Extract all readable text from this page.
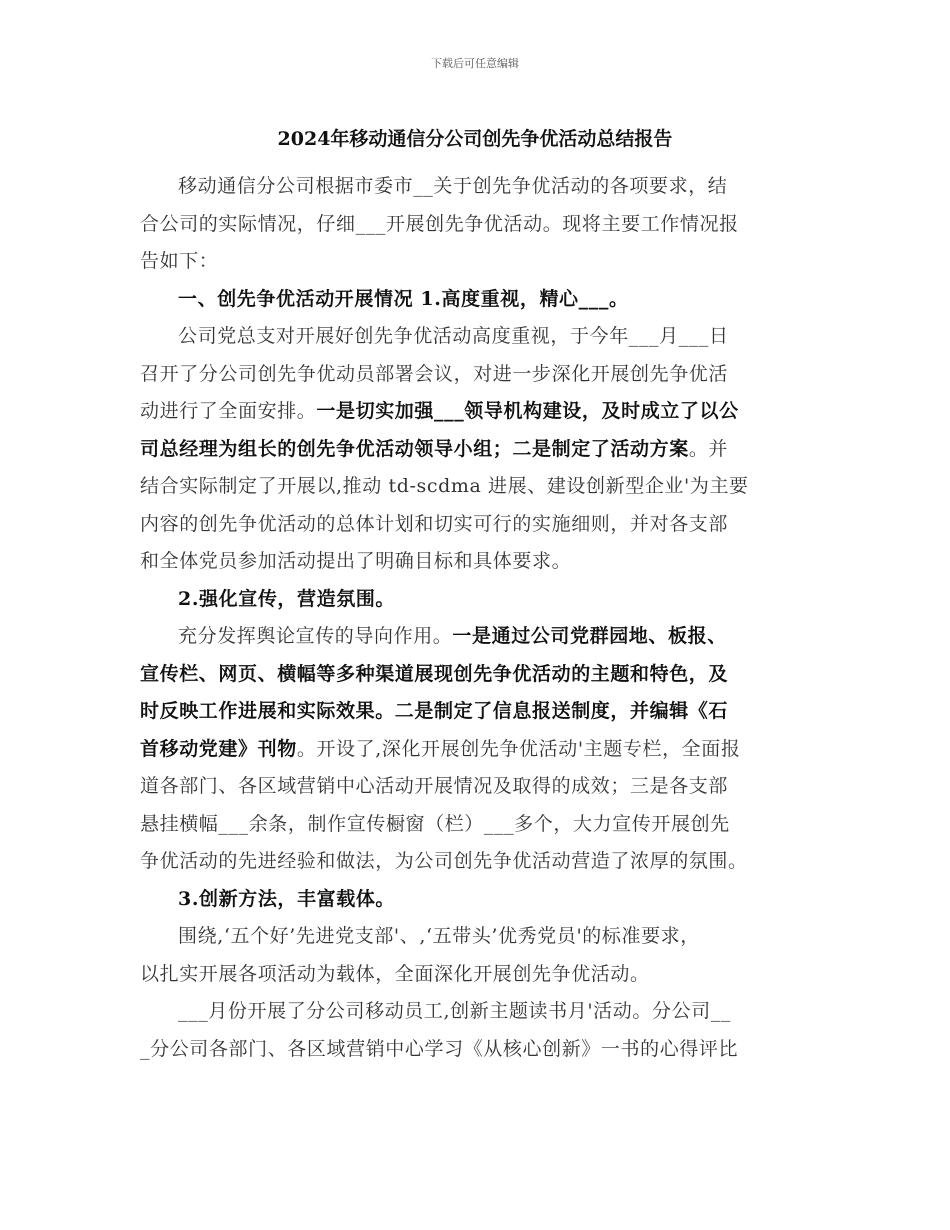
下载后可任意编辑
2024年移动通信分公司创先争优活动总结报告
移动通信分公司根据市委市__关于创先争优活动的各项要求，结
合公司的实际情况，仔细___开展创先争优活动。现将主要工作情况报
告如下：
一、创先争优活动开展情况 1.高度重视，精心___。
公司党总支对开展好创先争优活动高度重视，于今年___月___日
召开了分公司创先争优动员部署会议，对进一步深化开展创先争优活
动进行了全面安排。一是切实加强___领导机构建设，及时成立了以公
司总经理为组长的创先争优活动领导小组；二是制定了活动方案。并
结合实际制定了开展以,推动 td-scdma 进展、建设创新型企业'为主要
内容的创先争优活动的总体计划和切实可行的实施细则，并对各支部
和全体党员参加活动提出了明确目标和具体要求。
2.强化宣传，营造氛围。
充分发挥舆论宣传的导向作用。一是通过公司党群园地、板报、
宣传栏、网页、横幅等多种渠道展现创先争优活动的主题和特色，及
时反映工作进展和实际效果。二是制定了信息报送制度，并编辑《石
首移动党建》刊物。开设了,深化开展创先争优活动'主题专栏，全面报
道各部门、各区域营销中心活动开展情况及取得的成效；三是各支部
悬挂横幅___余条，制作宣传橱窗（栏）___多个，大力宣传开展创先
争优活动的先进经验和做法，为公司创先争优活动营造了浓厚的氛围。
3.创新方法，丰富载体。
围绕,‘五个好’先进党支部'、,‘五带头’优秀党员'的标准要求，
以扎实开展各项活动为载体，全面深化开展创先争优活动。
___月份开展了分公司移动员工,创新主题读书月'活动。分公司__
_分公司各部门、各区域营销中心学习《从核心创新》一书的心得评比
